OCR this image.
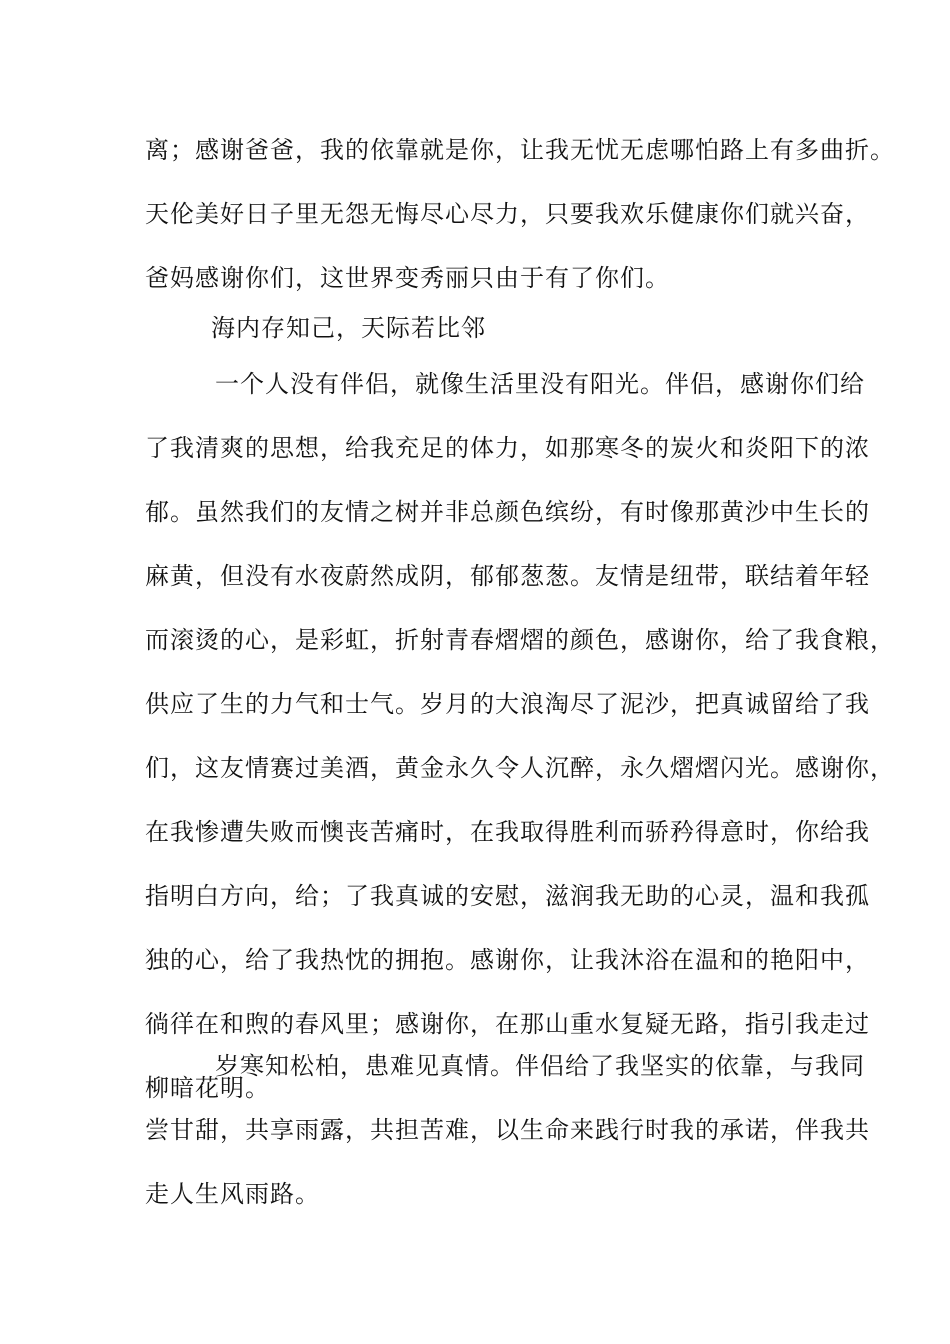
离；感谢爸爸，我的依靠就是你，让我无忧无虑哪怕路上有多曲折。
天伦美好日子里无怨无悔尽心尽力，只要我欢乐健康你们就兴奋，
爸妈感谢你们，这世界变秀丽只由于有了你们。
海内存知己，天际若比邻
一个人没有伴侣，就像生活里没有阳光。伴侣，感谢你们给
了我清爽的思想，给我充足的体力，如那寒冬的炭火和炎阳下的浓
郁。虽然我们的友情之树并非总颜色缤纷，有时像那黄沙中生长的
麻黄，但没有水夜蔚然成阴，郁郁葱葱。友情是纽带，联结着年轻
而滚烫的心，是彩虹，折射青春熠熠的颜色，感谢你，给了我食粮，
供应了生的力气和士气。岁月的大浪淘尽了泥沙，把真诚留给了我
们，这友情赛过美酒，黄金永久令人沉醉，永久熠熠闪光。感谢你，
在我惨遭失败而懊丧苦痛时，在我取得胜利而骄矜得意时，你给我
指明白方向，给；了我真诚的安慰，滋润我无助的心灵，温和我孤
独的心，给了我热忱的拥抱。感谢你，让我沐浴在温和的艳阳中，
徜徉在和煦的春风里；感谢你，在那山重水复疑无路，指引我走过
柳暗花明。
岁寒知松柏，患难见真情。伴侣给了我坚实的依靠，与我同
尝甘甜，共享雨露，共担苦难，以生命来践行时我的承诺，伴我共
走人生风雨路。
